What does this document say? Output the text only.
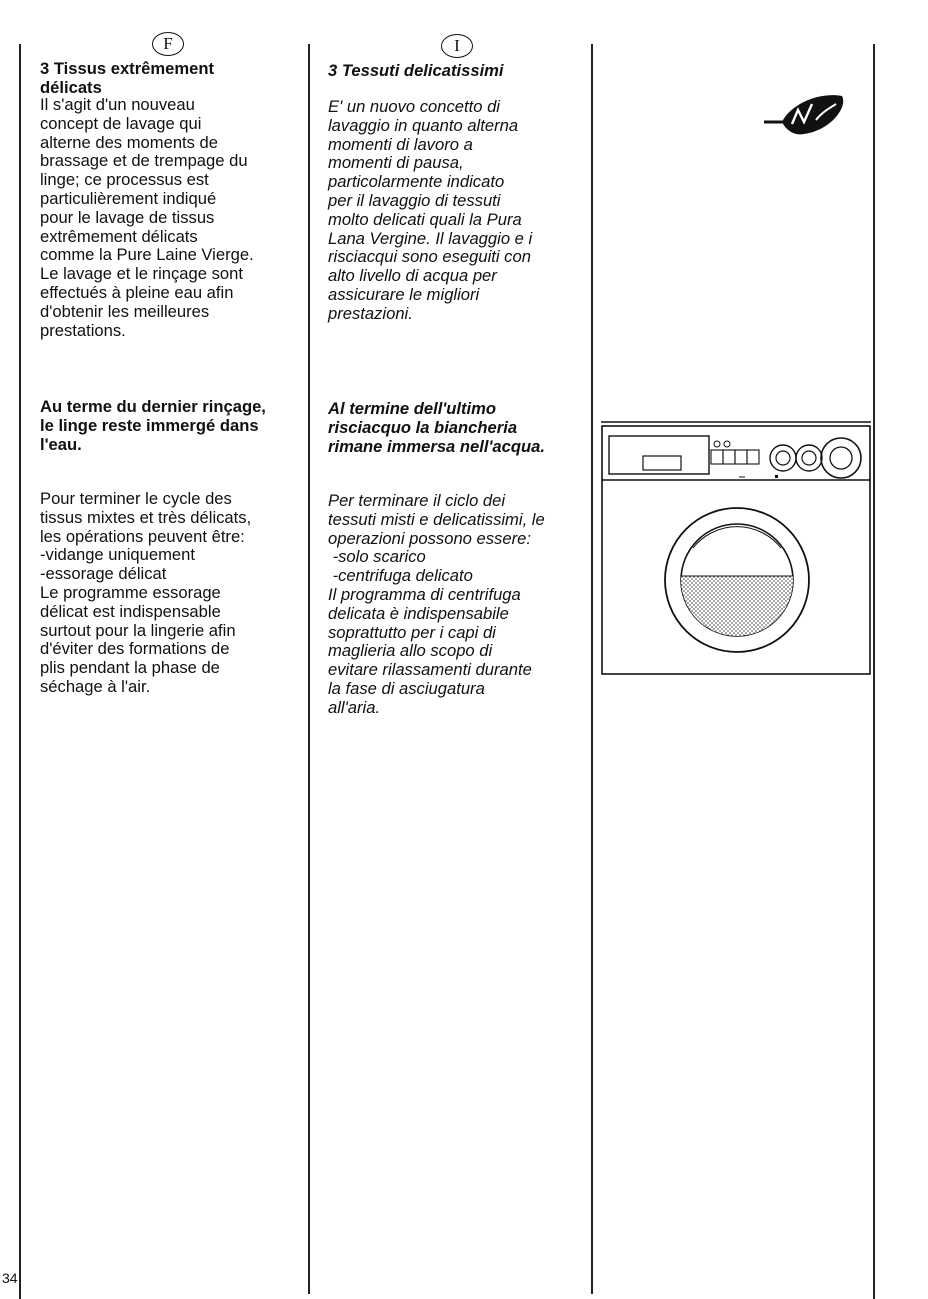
F	I

3 Tissus extrêmement

délicats

Il s'agit d'un nouveau

concept de lavage qui

alterne des moments de

brassage et de trempage du

linge; ce processus est

particulièrement indiqué

pour le lavage de tissus

extrêmement délicats

comme la Pure Laine Vierge.

Le lavage et le rinçage sont

effectués à pleine eau afin

d'obtenir les meilleures

prestations.

Au terme du dernier rinçage,

le linge reste immergé dans

l'eau.

Pour terminer le cycle des

tissus mixtes et très délicats,

les opérations peuvent être:

-vidange uniquement

-essorage délicat

Le programme essorage

délicat est indispensable

surtout pour la lingerie afin

d'éviter des formations de

plis pendant la phase de

séchage à l'air.

3 Tessuti delicatissimi

E' un nuovo concetto di

lavaggio in quanto alterna

momenti di lavoro a

momenti di pausa,

particolarmente indicato

per il lavaggio di tessuti

molto delicati quali la Pura

Lana Vergine. Il lavaggio e i

risciacqui sono eseguiti con

alto livello di acqua per

assicurare le migliori

prestazioni.

Al termine dell'ultimo

risciacquo la biancheria

rimane immersa nell'acqua.

Per terminare il ciclo dei

tessuti misti e delicatissimi, le

operazioni possono essere:

-solo scarico

-centrifuga delicato

Il programma di centrifuga

delicata è indispensabile

soprattutto per i capi di

maglieria allo scopo di

evitare rilassamenti durante

la fase di asciugatura

all'aria.

34
